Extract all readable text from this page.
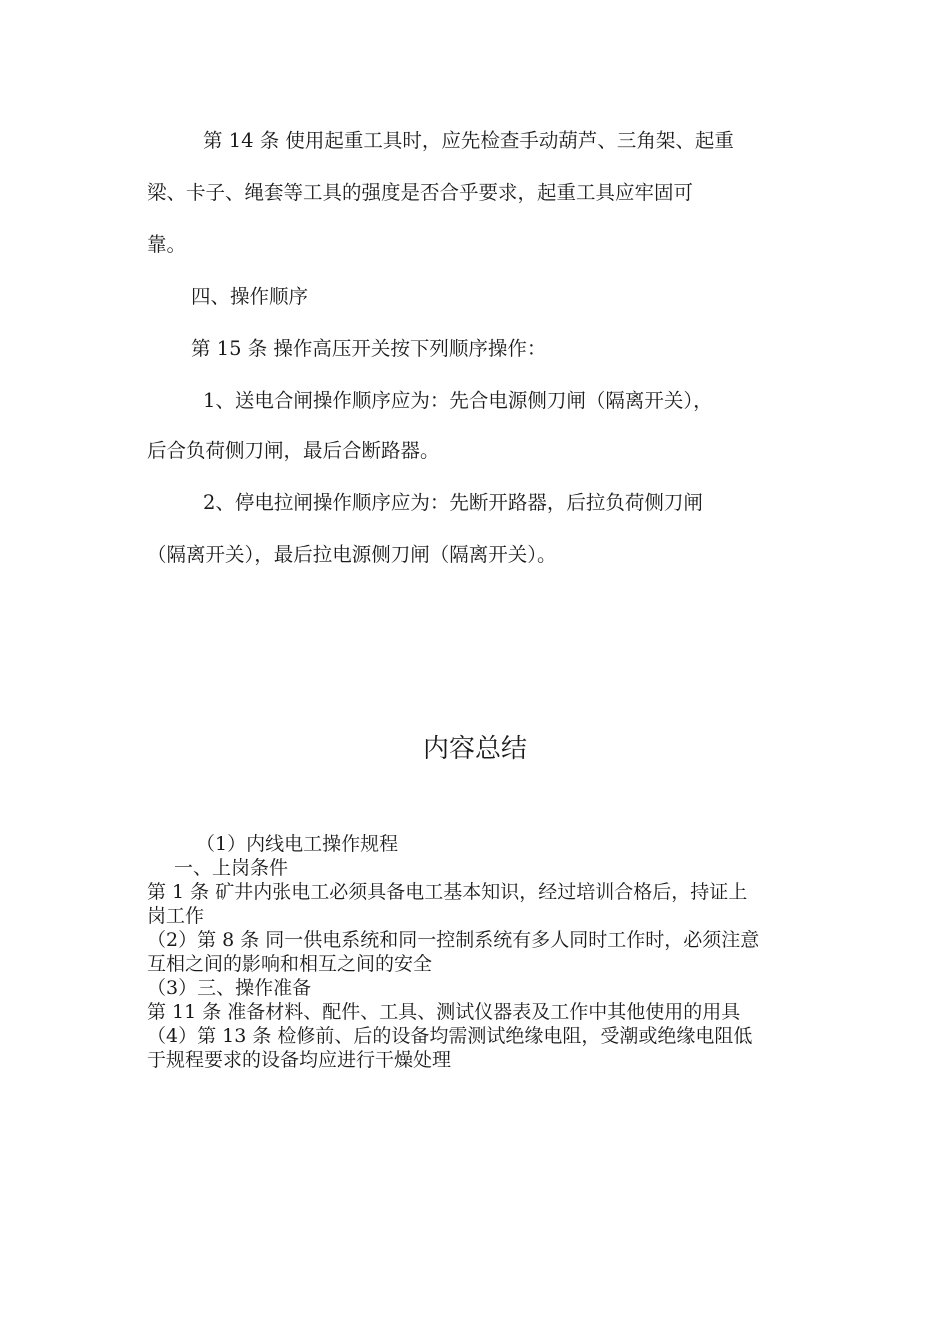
第 14 条 使用起重工具时，应先检查手动葫芦、三角架、起重

梁、卡子、绳套等工具的强度是否合乎要求，起重工具应牢固可

靠。

四、操作顺序

第 15 条 操作高压开关按下列顺序操作：

1、送电合闸操作顺序应为：先合电源侧刀闸（隔离开关），

后合负荷侧刀闸，最后合断路器。

2、停电拉闸操作顺序应为：先断开路器，后拉负荷侧刀闸

（隔离开关），最后拉电源侧刀闸（隔离开关）。

内容总结

（1）内线电工操作规程

一、上岗条件

第 1 条 矿井内张电工必须具备电工基本知识，经过培训合格后，持证上

岗工作

（2）第 8 条 同一供电系统和同一控制系统有多人同时工作时，必须注意

互相之间的影响和相互之间的安全

（3）三、操作准备

第 11 条 准备材料、配件、工具、测试仪器表及工作中其他使用的用具

（4）第 13 条 检修前、后的设备均需测试绝缘电阻，受潮或绝缘电阻低

于规程要求的设备均应进行干燥处理
